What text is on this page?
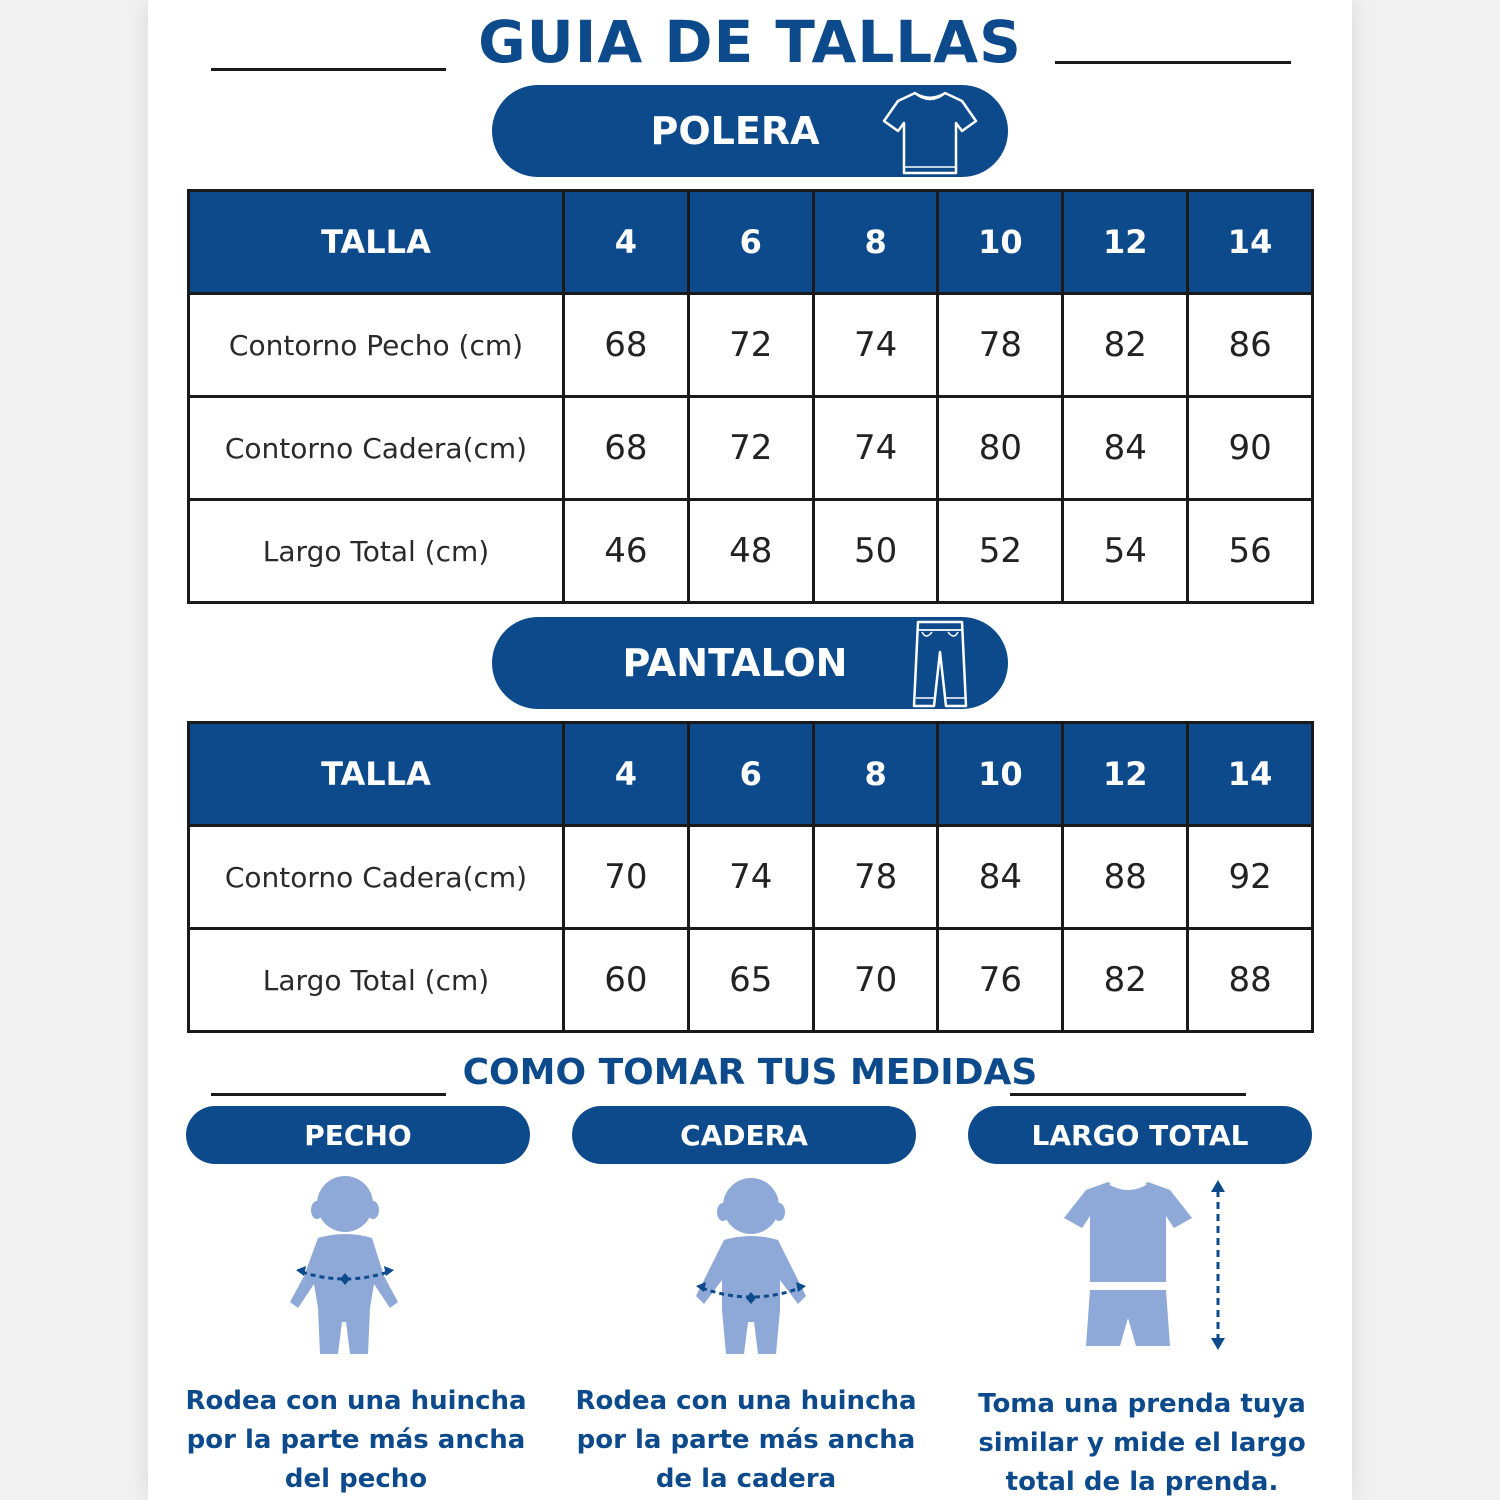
GUIA DE TALLAS
POLERA
TALLA	4	6	8	10	12	14
Contorno Pecho (cm)	68	72	74	78	82	86
Contorno Cadera(cm)	68	72	74	80	84	90
Largo Total (cm)	46	48	50	52	54	56
PANTALON
TALLA	4	6	8	10	12	14
Contorno Cadera(cm)	70	74	78	84	88	92
Largo Total (cm)	60	65	70	76	82	88
COMO TOMAR TUS MEDIDAS
PECHO	CADERA	LARGO TOTAL
Rodea con una huincha
por la parte más ancha
del pecho
Rodea con una huincha
por la parte más ancha
de la cadera
Toma una prenda tuya
similar y mide el largo
total de la prenda.
